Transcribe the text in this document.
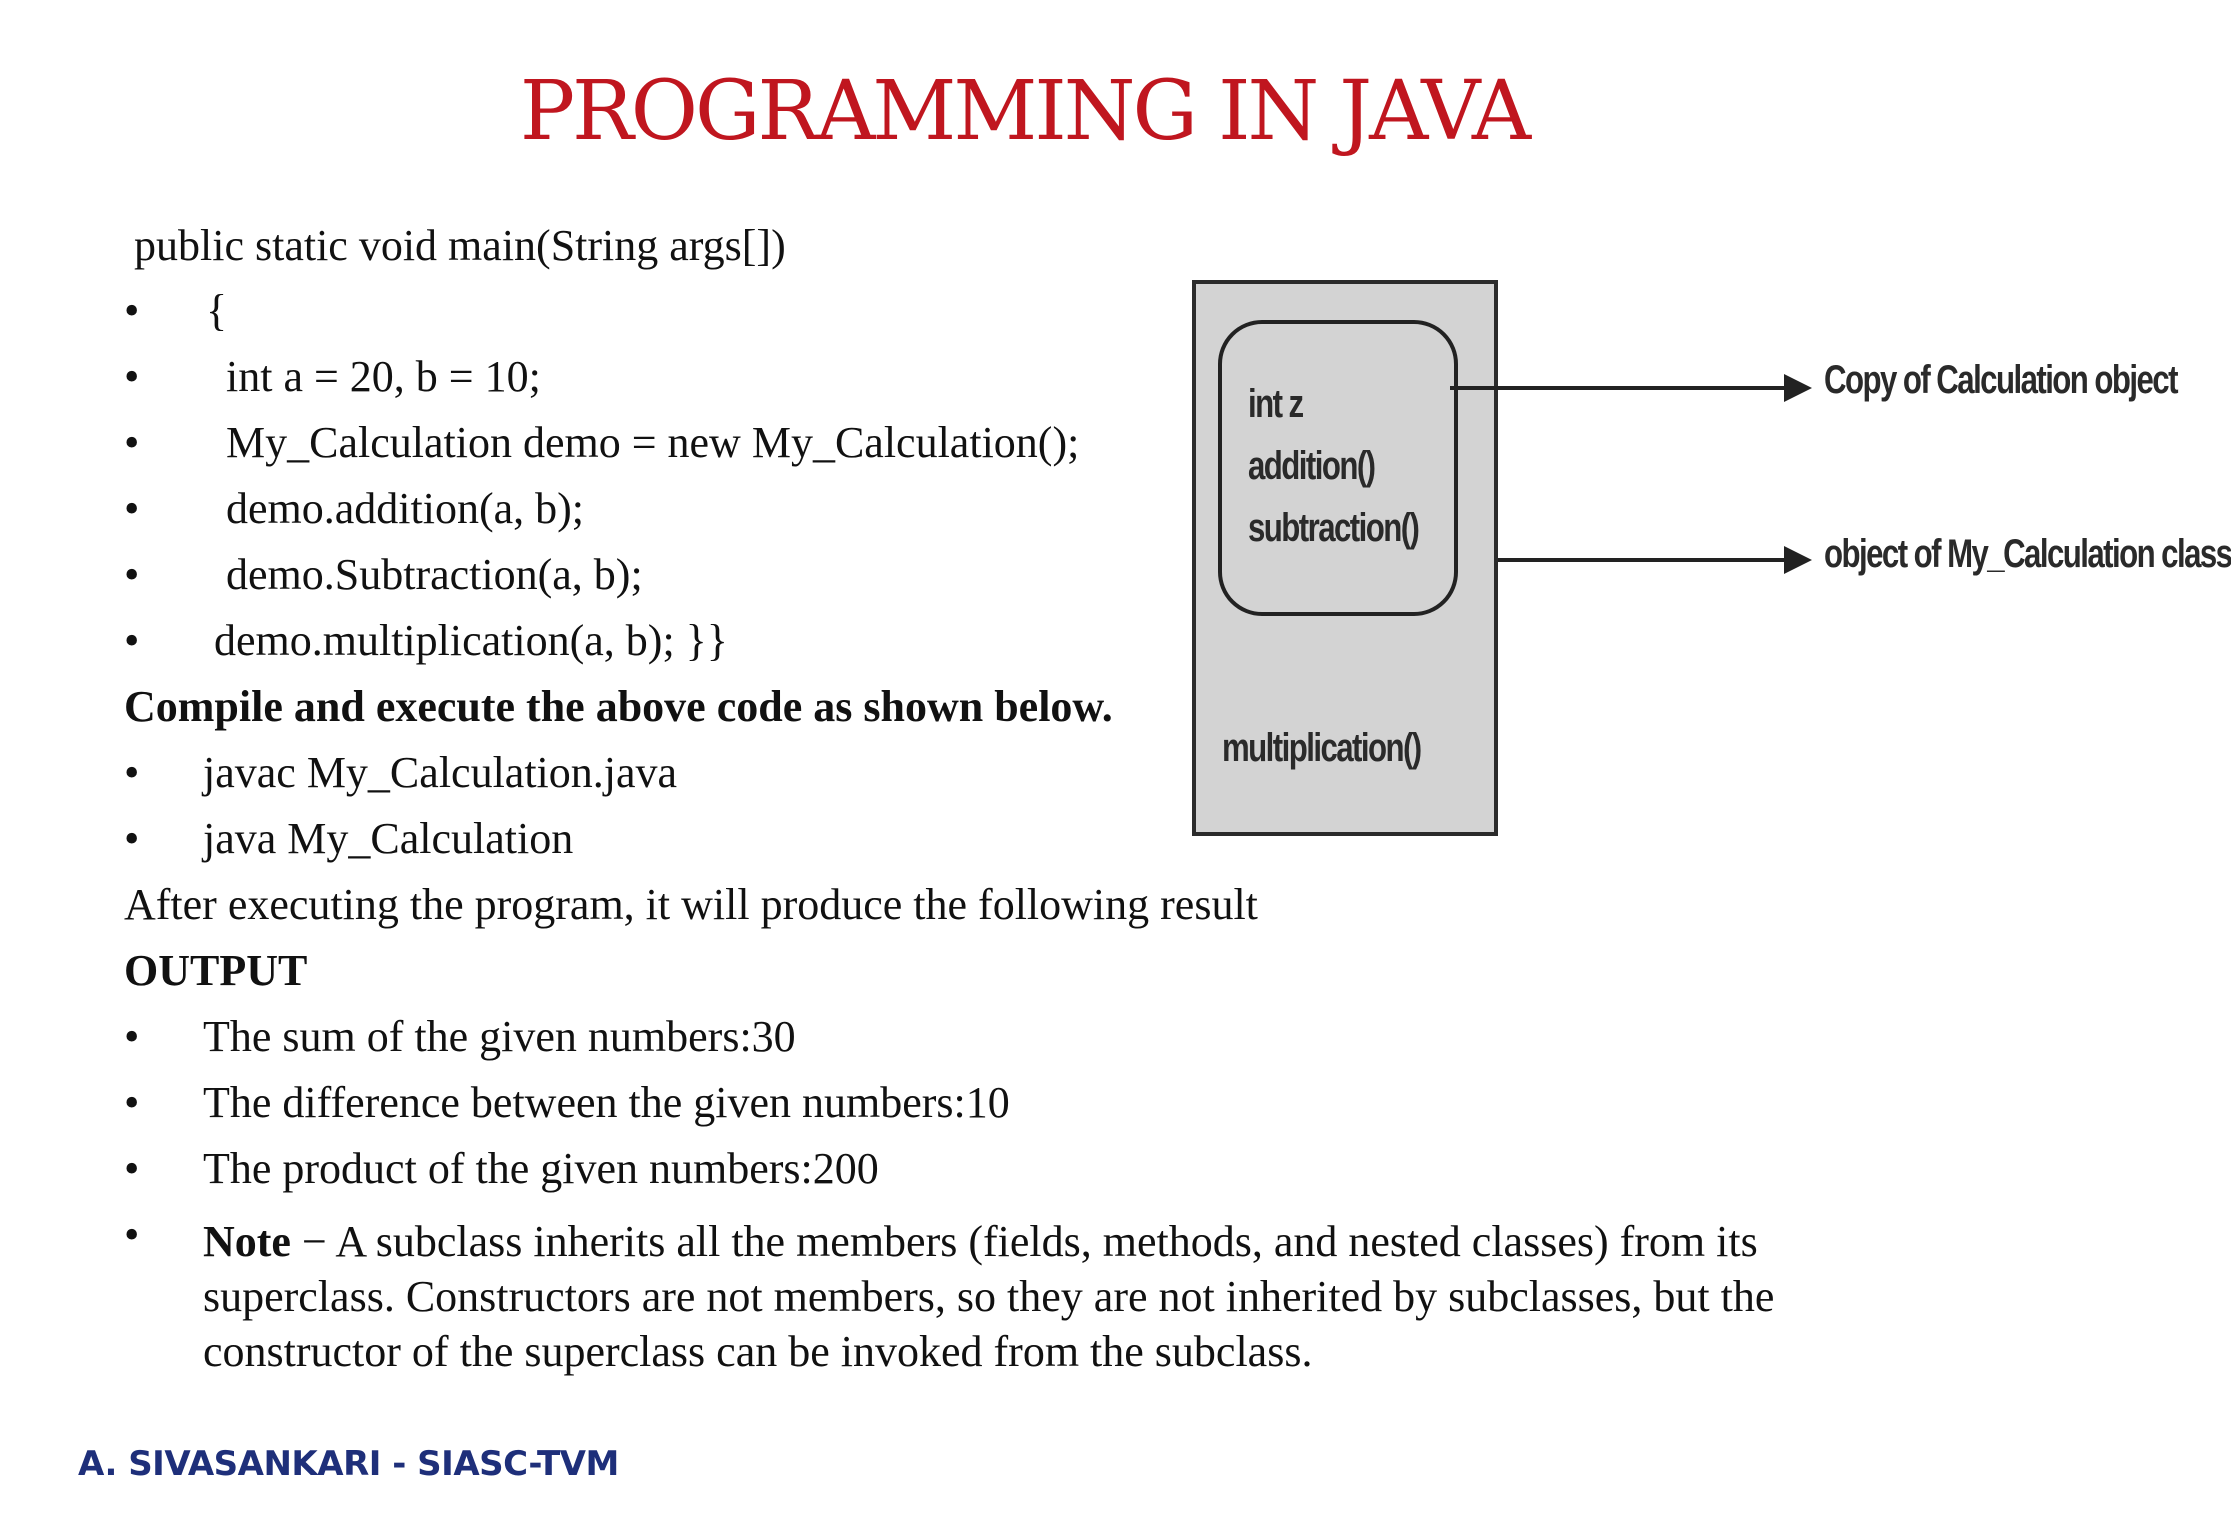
PROGRAMMING IN JAVA
public static void main(String args[])
• {
• int a = 20, b = 10;
• My_Calculation demo = new My_Calculation();
• demo.addition(a, b);
• demo.Subtraction(a, b);
• demo.multiplication(a, b); }}
Compile and execute the above code as shown below.
• javac My_Calculation.java
• java My_Calculation
After executing the program, it will produce the following result
OUTPUT
• The sum of the given numbers:30
• The difference between the given numbers:10
• The product of the given numbers:200
• Note − A subclass inherits all the members (fields, methods, and nested classes) from its superclass. Constructors are not members, so they are not inherited by subclasses, but the constructor of the superclass can be invoked from the subclass.
int z
addition()
subtraction()
multiplication()
Copy of Calculation object
object of My_Calculation class
A. SIVASANKARI - SIASC-TVM
